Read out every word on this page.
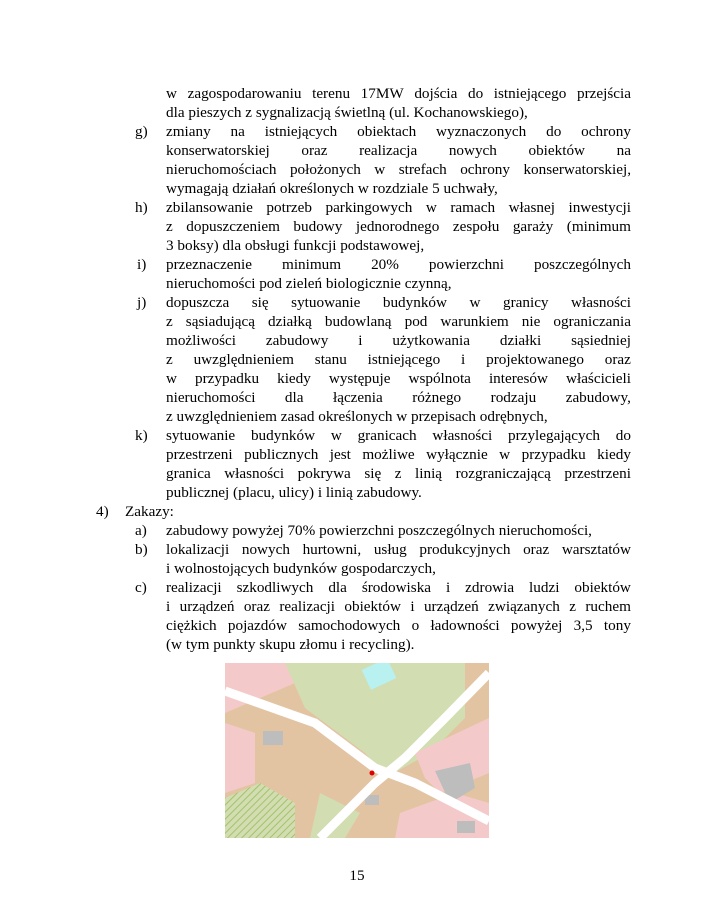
w zagospodarowaniu terenu 17MW dojścia do istniejącego przejścia
dla pieszych z sygnalizacją świetlną (ul. Kochanowskiego),
g) zmiany na istniejących obiektach wyznaczonych do ochrony
konserwatorskiej oraz realizacja nowych obiektów na
nieruchomościach położonych w strefach ochrony konserwatorskiej,
wymagają działań określonych w rozdziale 5 uchwały,
h) zbilansowanie potrzeb parkingowych w ramach własnej inwestycji
z dopuszczeniem budowy jednorodnego zespołu garaży (minimum
3 boksy) dla obsługi funkcji podstawowej,
i) przeznaczenie minimum 20% powierzchni poszczególnych
nieruchomości pod zieleń biologicznie czynną,
j) dopuszcza się sytuowanie budynków w granicy własności
z sąsiadującą działką budowlaną pod warunkiem nie ograniczania
możliwości zabudowy i użytkowania działki sąsiedniej
z uwzględnieniem stanu istniejącego i projektowanego oraz
w przypadku kiedy występuje wspólnota interesów właścicieli
nieruchomości dla łączenia różnego rodzaju zabudowy,
z uwzględnieniem zasad określonych w przepisach odrębnych,
k) sytuowanie budynków w granicach własności przylegających do
przestrzeni publicznych jest możliwe wyłącznie w przypadku kiedy
granica własności pokrywa się z linią rozgraniczającą przestrzeni
publicznej (placu, ulicy) i linią zabudowy.
4) Zakazy:
a) zabudowy powyżej 70% powierzchni poszczególnych nieruchomości,
b) lokalizacji nowych hurtowni, usług produkcyjnych oraz warsztatów
i wolnostojących budynków gospodarczych,
c) realizacji szkodliwych dla środowiska i zdrowia ludzi obiektów
i urządzeń oraz realizacji obiektów i urządzeń związanych z ruchem
ciężkich pojazdów samochodowych o ładowności powyżej 3,5 tony
(w tym punkty skupu złomu i recycling).
15
